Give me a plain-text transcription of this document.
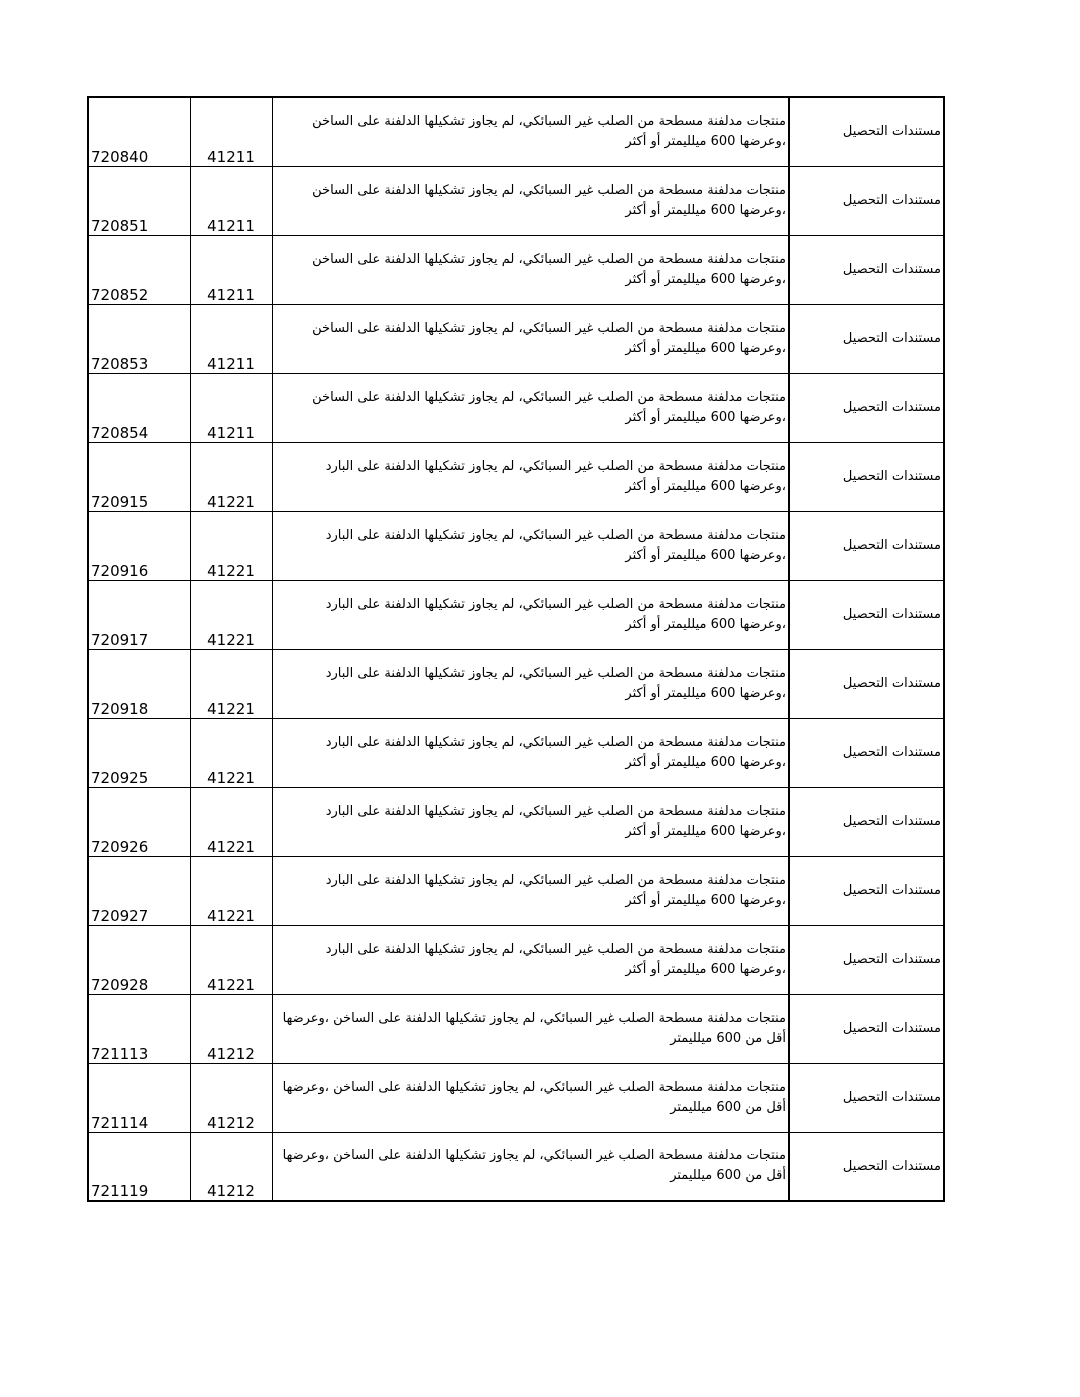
720840	41211	منتجات مدلفنة مسطحة من الصلب غير السبائكي، لم يجاوز تشكيلها الدلفنة على الساخن ،وعرضها 600 ميلليمتر أو أكثر	مستندات التحصيل
720851	41211	منتجات مدلفنة مسطحة من الصلب غير السبائكي، لم يجاوز تشكيلها الدلفنة على الساخن ،وعرضها 600 ميلليمتر أو أكثر	مستندات التحصيل
720852	41211	منتجات مدلفنة مسطحة من الصلب غير السبائكي، لم يجاوز تشكيلها الدلفنة على الساخن ،وعرضها 600 ميلليمتر أو أكثر	مستندات التحصيل
720853	41211	منتجات مدلفنة مسطحة من الصلب غير السبائكي، لم يجاوز تشكيلها الدلفنة على الساخن ،وعرضها 600 ميلليمتر أو أكثر	مستندات التحصيل
720854	41211	منتجات مدلفنة مسطحة من الصلب غير السبائكي، لم يجاوز تشكيلها الدلفنة على الساخن ،وعرضها 600 ميلليمتر أو أكثر	مستندات التحصيل
720915	41221	منتجات مدلفنة مسطحة من الصلب غير السبائكي، لم يجاوز تشكيلها الدلفنة على البارد ،وعرضها 600 ميلليمتر أو أكثر	مستندات التحصيل
720916	41221	منتجات مدلفنة مسطحة من الصلب غير السبائكي، لم يجاوز تشكيلها الدلفنة على البارد ،وعرضها 600 ميلليمتر أو أكثر	مستندات التحصيل
720917	41221	منتجات مدلفنة مسطحة من الصلب غير السبائكي، لم يجاوز تشكيلها الدلفنة على البارد ،وعرضها 600 ميلليمتر أو أكثر	مستندات التحصيل
720918	41221	منتجات مدلفنة مسطحة من الصلب غير السبائكي، لم يجاوز تشكيلها الدلفنة على البارد ،وعرضها 600 ميلليمتر أو أكثر	مستندات التحصيل
720925	41221	منتجات مدلفنة مسطحة من الصلب غير السبائكي، لم يجاوز تشكيلها الدلفنة على البارد ،وعرضها 600 ميلليمتر أو أكثر	مستندات التحصيل
720926	41221	منتجات مدلفنة مسطحة من الصلب غير السبائكي، لم يجاوز تشكيلها الدلفنة على البارد ،وعرضها 600 ميلليمتر أو أكثر	مستندات التحصيل
720927	41221	منتجات مدلفنة مسطحة من الصلب غير السبائكي، لم يجاوز تشكيلها الدلفنة على البارد ،وعرضها 600 ميلليمتر أو أكثر	مستندات التحصيل
720928	41221	منتجات مدلفنة مسطحة من الصلب غير السبائكي، لم يجاوز تشكيلها الدلفنة على البارد ،وعرضها 600 ميلليمتر أو أكثر	مستندات التحصيل
721113	41212	منتجات مدلفنة مسطحة الصلب غير السبائكي، لم يجاوز تشكيلها الدلفنة على الساخن ،وعرضها أقل من 600 ميلليمتر	مستندات التحصيل
721114	41212	منتجات مدلفنة مسطحة الصلب غير السبائكي، لم يجاوز تشكيلها الدلفنة على الساخن ،وعرضها أقل من 600 ميلليمتر	مستندات التحصيل
721119	41212	منتجات مدلفنة مسطحة الصلب غير السبائكي، لم يجاوز تشكيلها الدلفنة على الساخن ،وعرضها أقل من 600 ميلليمتر	مستندات التحصيل
